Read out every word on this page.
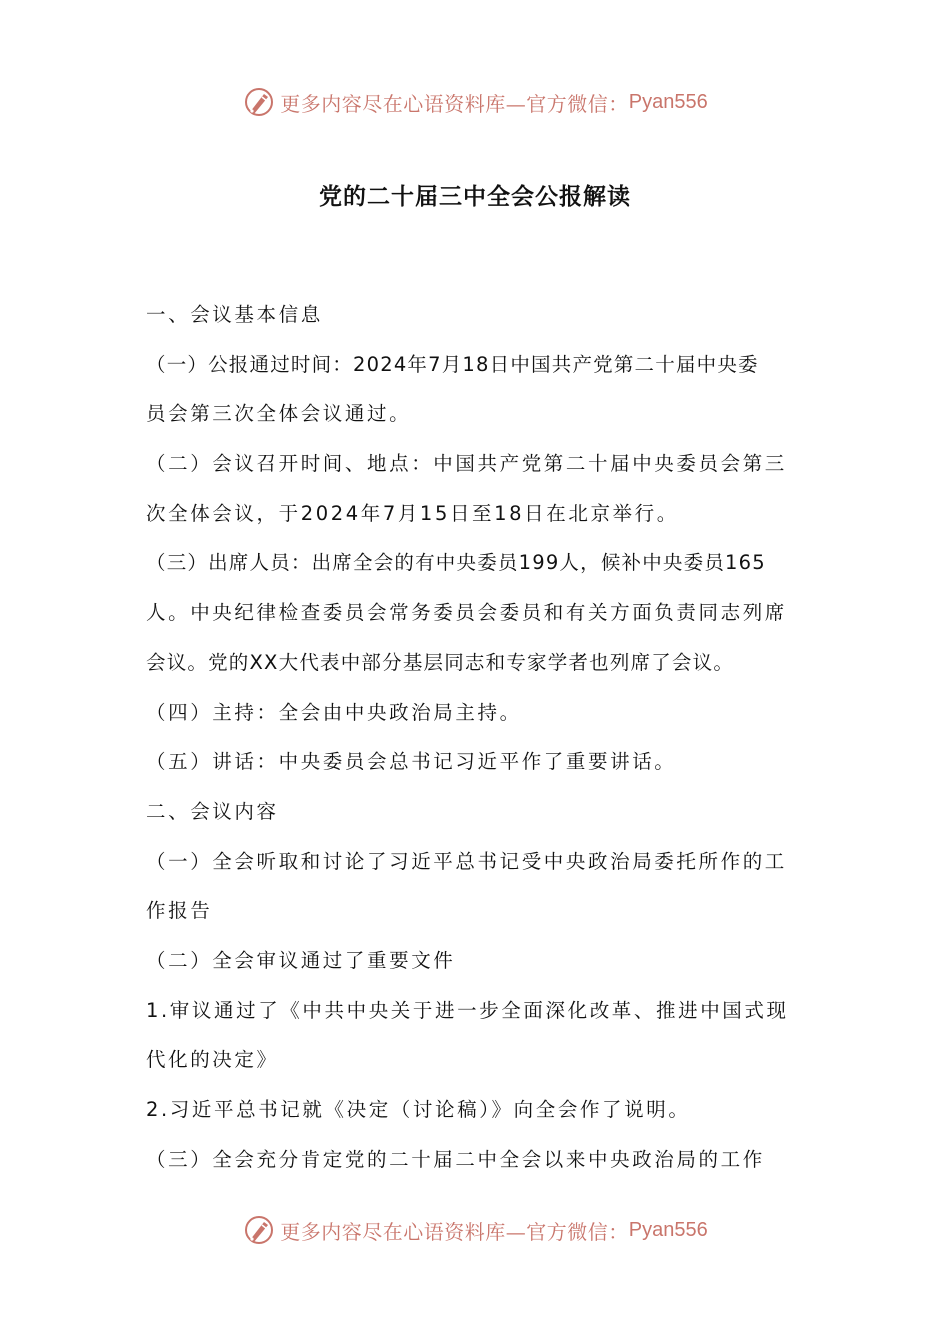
更多内容尽在心语资料库—官方微信： Pyan556
党的二十届三中全会公报解读
一、会议基本信息
（一）公报通过时间：2024年7月18日中国共产党第二十届中央委
员会第三次全体会议通过。
（二）会议召开时间、地点：中国共产党第二十届中央委员会第三
次全体会议，于2024年7月15日至18日在北京举行。
（三）出席人员：出席全会的有中央委员199人，候补中央委员165
人。中央纪律检查委员会常务委员会委员和有关方面负责同志列席
会议。党的XX大代表中部分基层同志和专家学者也列席了会议。
（四）主持：全会由中央政治局主持。
（五）讲话：中央委员会总书记习近平作了重要讲话。
二、会议内容
（一）全会听取和讨论了习近平总书记受中央政治局委托所作的工
作报告
（二）全会审议通过了重要文件
1.审议通过了《中共中央关于进一步全面深化改革、推进中国式现
代化的决定》
2.习近平总书记就《决定（讨论稿）》向全会作了说明。
（三）全会充分肯定党的二十届二中全会以来中央政治局的工作
更多内容尽在心语资料库—官方微信： Pyan556
